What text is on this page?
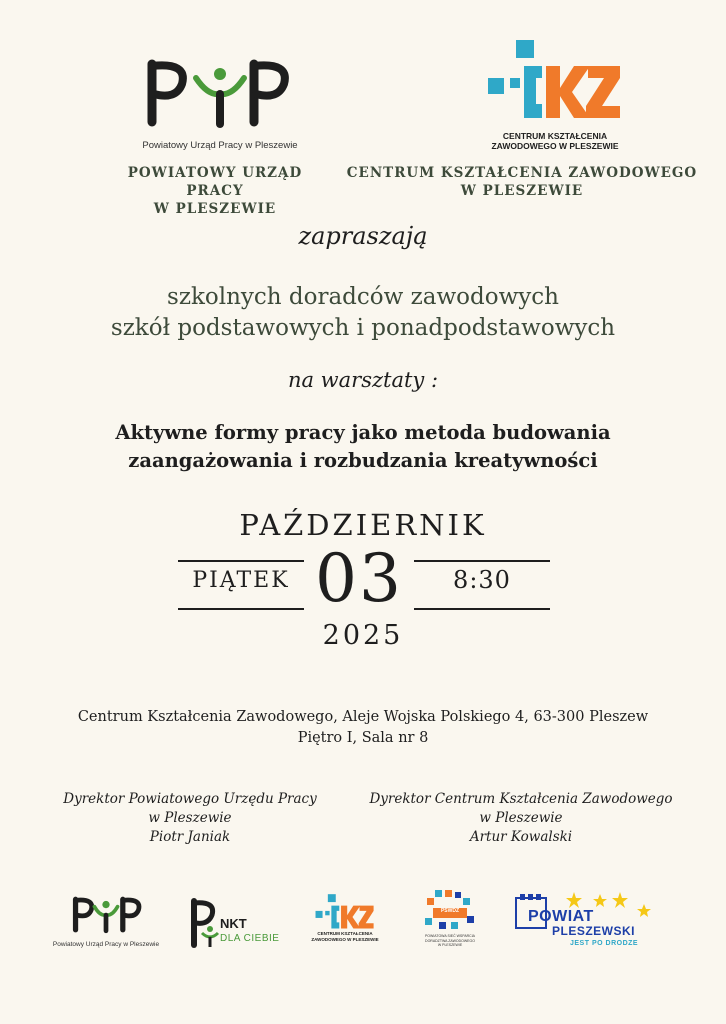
Powiatowy Urząd Pracy w Pleszewie
CENTRUM KSZTAŁCENIA
ZAWODOWEGO W PLESZEWIE
POWIATOWY URZĄD PRACY
W PLESZEWIE
CENTRUM KSZTAŁCENIA ZAWODOWEGO
W PLESZEWIE
zapraszają
szkolnych doradców zawodowych
szkół podstawowych i ponadpodstawowych
na warsztaty :
Aktywne formy pracy jako metoda budowania
zaangażowania i rozbudzania kreatywności
PAŹDZIERNIK
PIĄTEK 03	8:30
2025
Centrum Kształcenia Zawodowego, Aleje Wojska Polskiego 4, 63-300 Pleszew
Piętro I, Sala nr 8
Dyrektor Powiatowego Urzędu Pracy
w Pleszewie
Piotr Janiak
Dyrektor Centrum Kształcenia Zawodowego
w Pleszewie
Artur Kowalski
Powiatowy Urząd Pracy w Pleszewie
NKT
DLA CIEBIE	CENTRUM KSZTAŁCENIA
ZAWODOWEGO W PLESZEWIE
PSWDZ
POWIATOWA SIEĆ WSPARCIA
DORADZTWA ZAWODOWEGO
W PLESZEWIE
POWIAT
PLESZEWSKI
JEST PO DRODZE
